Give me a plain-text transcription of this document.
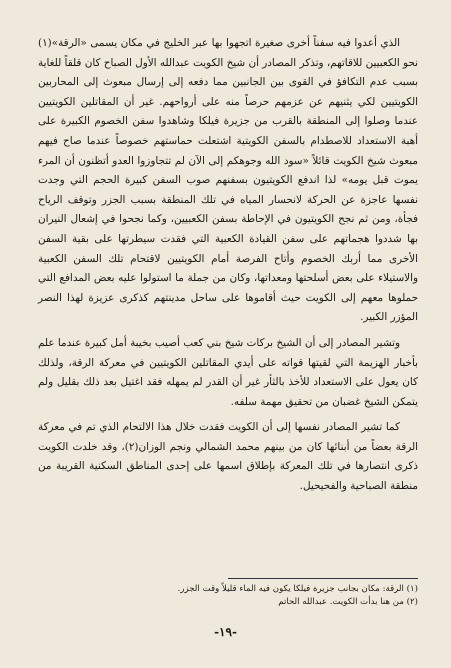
الذي أعدوا فيه سفناً أخرى صغيرة اتجهوا بها عبر الخليج في مكان يسمى «الرقة»(١) نحو الكعبيين للاقاتهم، وتذكر المصادر أن شيخ الكويت عبدالله الأول الصباح كان قلقاً للغاية بسبب عدم التكافؤ في القوى بين الجانبين مما دفعه إلى إرسال مبعوث إلى المحاربين الكويتيين لكي يثنيهم عن عزمهم حرصاً منه على أرواحهم. غير أن المقاتلين الكويتيين عندما وصلوا إلى المنطقة بالقرب من جزيرة فيلكا وشاهدوا سفن الخصوم الكبيرة على أهبة الاستعداد للاصطدام بالسفن الكويتية اشتعلت حماستهم خصوصاً عندما صاح فيهم مبعوث شيخ الكويت قائلاً «سود الله وجوهكم إلى الآن لم تتجاوزوا العدو أتظنون أن المرء يموت قبل يومه» لذا اندفع الكويتيون بسفنهم صوب السفن كبيرة الحجم التي وجدت نفسها عاجزة عن الحركة لانحسار المياه في تلك المنطقة بسبب الجزر وتوقف الرياح فجأة، ومن ثم نجح الكويتيون في الإحاطة بسفن الكعبيين، وكما نجحوا في إشعال النيران بها شددوا هجماتهم على سفن القيادة الكعبية التي فقدت سيطرتها على بقية السفن الأخرى مما أربك الخصوم وأتاح الفرصة أمام الكويتيين لاقتحام تلك السفن الكعبية والاستيلاء على بعض أسلحتها ومعداتها، وكان من جملة ما استولوا عليه بعض المدافع التي حملوها معهم إلى الكويت حيث أقاموها على ساحل مدينتهم كذكرى عزيزة لهذا النصر المؤزر الكبير.

وتشير المصادر إلى أن الشيخ بركات شيخ بني كعب أصيب بخيبة أمل كبيرة عندما علم بأخبار الهزيمة التي لقيتها قواته على أيدي المقاتلين الكويتيين في معركة الرقة، ولذلك كان يعول على الاستعداد للأخذ بالثأر غير أن القدر لم يمهله فقد اغتيل بعد ذلك بقليل ولم يتمكن الشيخ غضبان من تحقيق مهمة سلفه.

كما تشير المصادر نفسها إلى أن الكويت فقدت خلال هذا الالتحام الذي تم في معركة الرقة بعضاً من أبنائها كان من بينهم محمد الشمالي ونجم الوزان(٢)، وقد خلدت الكويت ذكرى انتصارها في تلك المعركة بإطلاق اسمها على إحدى المناطق السكنية القريبة من منطقة الصباحية والفحيحيل.

(١) الرقة: مكان بجانب جزيرة فيلكا يكون فيه الماء قليلاً وقت الجزر.

(٢) من هنا بدأت الكويت. عبدالله الحاتم

-١٩-
